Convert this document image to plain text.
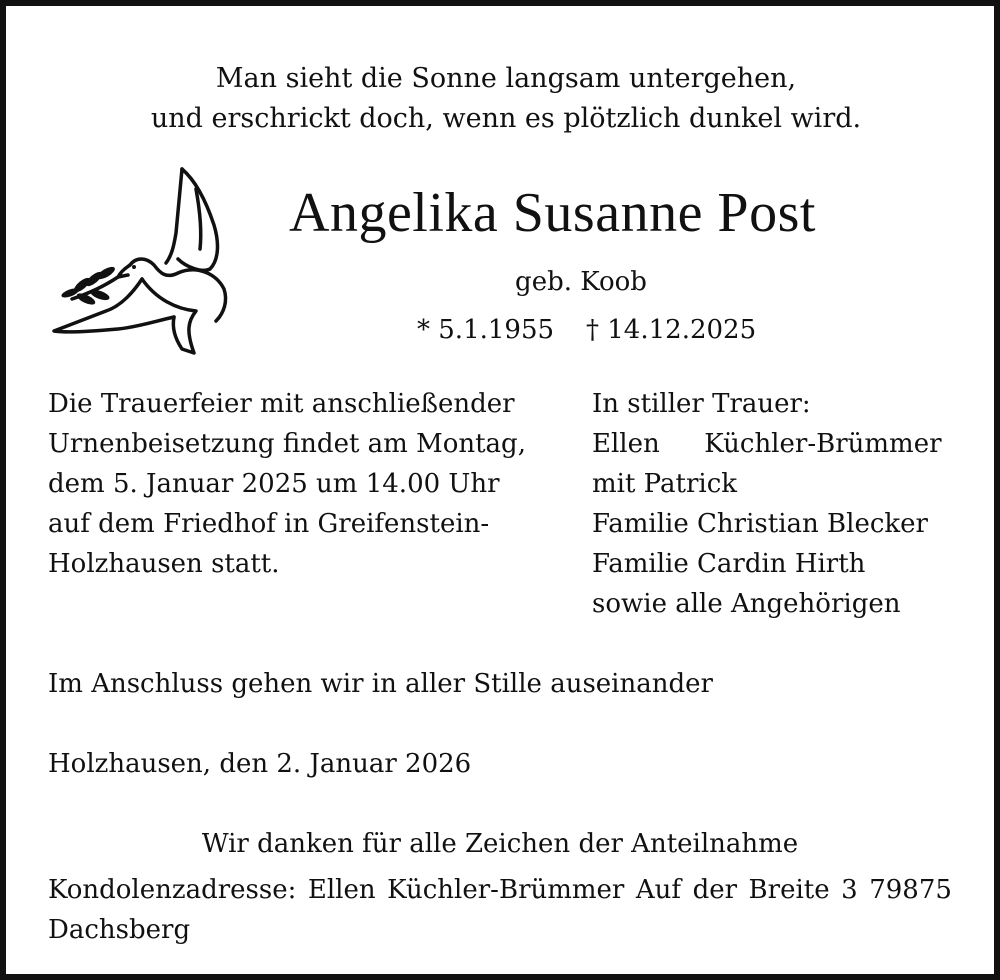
Man sieht die Sonne langsam untergehen,
und erschrickt doch, wenn es plötzlich dunkel wird.
Angelika Susanne Post
geb. Koob
* 5.1.1955 † 14.12.2025
Die Trauerfeier mit anschließender
Urnenbeisetzung findet am Montag,
dem 5. Januar 2025 um 14.00 Uhr
auf dem Friedhof in Greifenstein-
Holzhausen statt.
In stiller Trauer:
Ellen Küchler-Brümmer
mit Patrick
Familie Christian Blecker
Familie Cardin Hirth
sowie alle Angehörigen
Im Anschluss gehen wir in aller Stille auseinander
Holzhausen, den 2. Januar 2026
Wir danken für alle Zeichen der Anteilnahme
Kondolenzadresse: Ellen Küchler-Brümmer Auf der Breite 3 79875
Dachsberg
